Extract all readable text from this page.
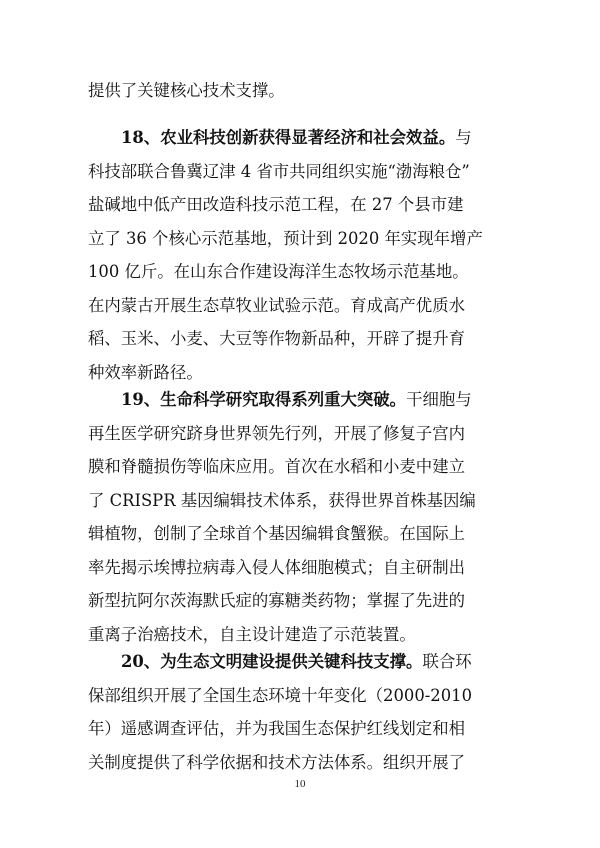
提供了关键核心技术支撑。

18、农业科技创新获得显著经济和社会效益。与
科技部联合鲁冀辽津 4 省市共同组织实施“渤海粮仓”
盐碱地中低产田改造科技示范工程，在 27 个县市建
立了 36 个核心示范基地，预计到 2020 年实现年增产
100 亿斤。在山东合作建设海洋生态牧场示范基地。
在内蒙古开展生态草牧业试验示范。育成高产优质水
稻、玉米、小麦、大豆等作物新品种，开辟了提升育
种效率新路径。

19、生命科学研究取得系列重大突破。干细胞与
再生医学研究跻身世界领先行列，开展了修复子宫内
膜和脊髓损伤等临床应用。首次在水稻和小麦中建立
了 CRISPR 基因编辑技术体系，获得世界首株基因编
辑植物，创制了全球首个基因编辑食蟹猴。在国际上
率先揭示埃博拉病毒入侵人体细胞模式；自主研制出
新型抗阿尔茨海默氏症的寡糖类药物；掌握了先进的
重离子治癌技术，自主设计建造了示范装置。

20、为生态文明建设提供关键科技支撑。联合环
保部组织开展了全国生态环境十年变化（2000-2010
年）遥感调查评估，并为我国生态保护红线划定和相
关制度提供了科学依据和技术方法体系。组织开展了

10
